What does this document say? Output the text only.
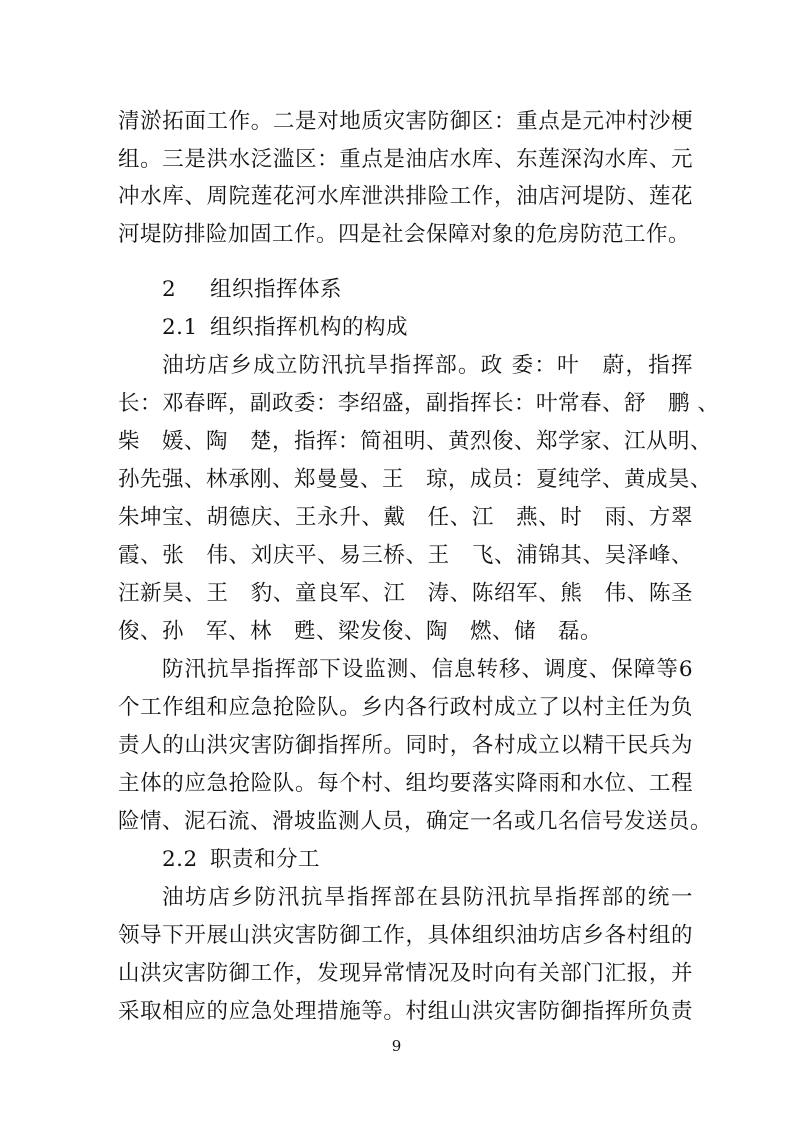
清淤拓面工作。二是对地质灾害防御区：重点是元冲村沙梗
组。三是洪水泛滥区：重点是油店水库、东莲深沟水库、元
冲水库、周院莲花河水库泄洪排险工作，油店河堤防、莲花
河堤防排险加固工作。四是社会保障对象的危房防范工作。
2 组织指挥体系
2.1 组织指挥机构的构成
油坊店乡成立防汛抗旱指挥部。政 委：叶　蔚，指挥
长：邓春晖，副政委：李绍盛，副指挥长：叶常春、舒　鹏 、
柴　媛、陶　楚，指挥：简祖明、黄烈俊、郑学家、江从明、
孙先强、林承刚、郑曼曼、王　琼，成员：夏纯学、黄成昊、
朱坤宝、胡德庆、王永升、戴　任、江　燕、时　雨、方翠
霞、张　伟、刘庆平、易三桥、王　飞、浦锦其、吴泽峰、
汪新昊、王　豹、童良军、江　涛、陈绍军、熊　伟、陈圣
俊、孙　军、林　甦、梁发俊、陶　燃、储　磊。
防汛抗旱指挥部下设监测、信息转移、调度、保障等6
个工作组和应急抢险队。乡内各行政村成立了以村主任为负
责人的山洪灾害防御指挥所。同时，各村成立以精干民兵为
主体的应急抢险队。每个村、组均要落实降雨和水位、工程
险情、泥石流、滑坡监测人员，确定一名或几名信号发送员。
2.2 职责和分工
油坊店乡防汛抗旱指挥部在县防汛抗旱指挥部的统一
领导下开展山洪灾害防御工作，具体组织油坊店乡各村组的
山洪灾害防御工作，发现异常情况及时向有关部门汇报，并
采取相应的应急处理措施等。村组山洪灾害防御指挥所负责
9
